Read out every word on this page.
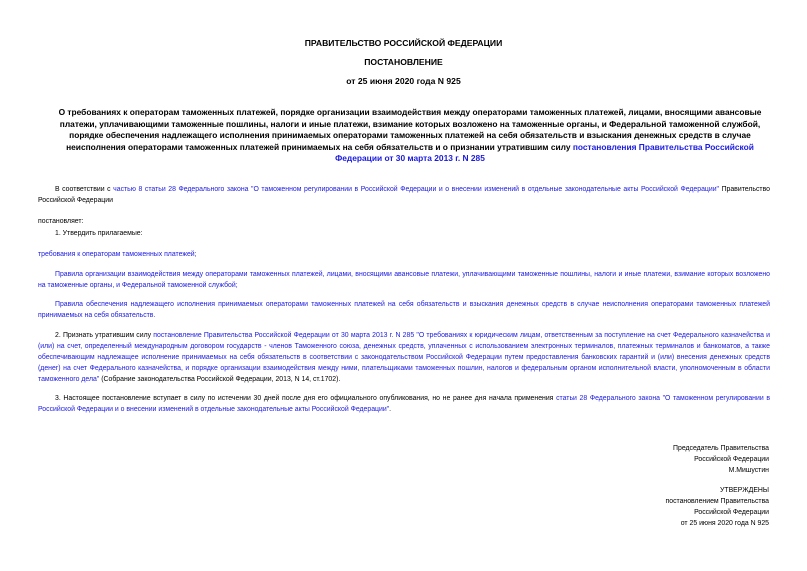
ПРАВИТЕЛЬСТВО РОССИЙСКОЙ ФЕДЕРАЦИИ
ПОСТАНОВЛЕНИЕ
от 25 июня 2020 года N 925
О требованиях к операторам таможенных платежей, порядке организации взаимодействия между операторами таможенных платежей, лицами, вносящими авансовые платежи, уплачивающими таможенные пошлины, налоги и иные платежи, взимание которых возложено на таможенные органы, и Федеральной таможенной службой, порядке обеспечения надлежащего исполнения принимаемых операторами таможенных платежей на себя обязательств и взыскания денежных средств в случае неисполнения операторами таможенных платежей принимаемых на себя обязательств и о признании утратившим силу постановления Правительства Российской Федерации от 30 марта 2013 г. N 285
В соответствии с частью 8 статьи 28 Федерального закона "О таможенном регулировании в Российской Федерации и о внесении изменений в отдельные законодательные акты Российской Федерации" Правительство Российской Федерации
постановляет:
1. Утвердить прилагаемые:
требования к операторам таможенных платежей;
Правила организации взаимодействия между операторами таможенных платежей, лицами, вносящими авансовые платежи, уплачивающими таможенные пошлины, налоги и иные платежи, взимание которых возложено на таможенные органы, и Федеральной таможенной службой;
Правила обеспечения надлежащего исполнения принимаемых операторами таможенных платежей на себя обязательств и взыскания денежных средств в случае неисполнения операторами таможенных платежей принимаемых на себя обязательств.
2. Признать утратившим силу постановление Правительства Российской Федерации от 30 марта 2013 г. N 285 "О требованиях к юридическим лицам, ответственным за поступление на счет Федерального казначейства и (или) на счет, определенный международным договором государств - членов Таможенного союза, денежных средств, уплаченных с использованием электронных терминалов, платежных терминалов и банкоматов, а также обеспечивающим надлежащее исполнение принимаемых на себя обязательств в соответствии с законодательством Российской Федерации путем предоставления банковских гарантий и (или) внесения денежных средств (денег) на счет Федерального казначейства, и порядке организации взаимодействия между ними, плательщиками таможенных пошлин, налогов и федеральным органом исполнительной власти, уполномоченным в области таможенного дела" (Собрание законодательства Российской Федерации, 2013, N 14, ст.1702).
3. Настоящее постановление вступает в силу по истечении 30 дней после дня его официального опубликования, но не ранее дня начала применения статьи 28 Федерального закона "О таможенном регулировании в Российской Федерации и о внесении изменений в отдельные законодательные акты Российской Федерации".
Председатель Правительства
Российской Федерации
М.Мишустин
УТВЕРЖДЕНЫ
постановлением Правительства
Российской Федерации
от 25 июня 2020 года N 925
